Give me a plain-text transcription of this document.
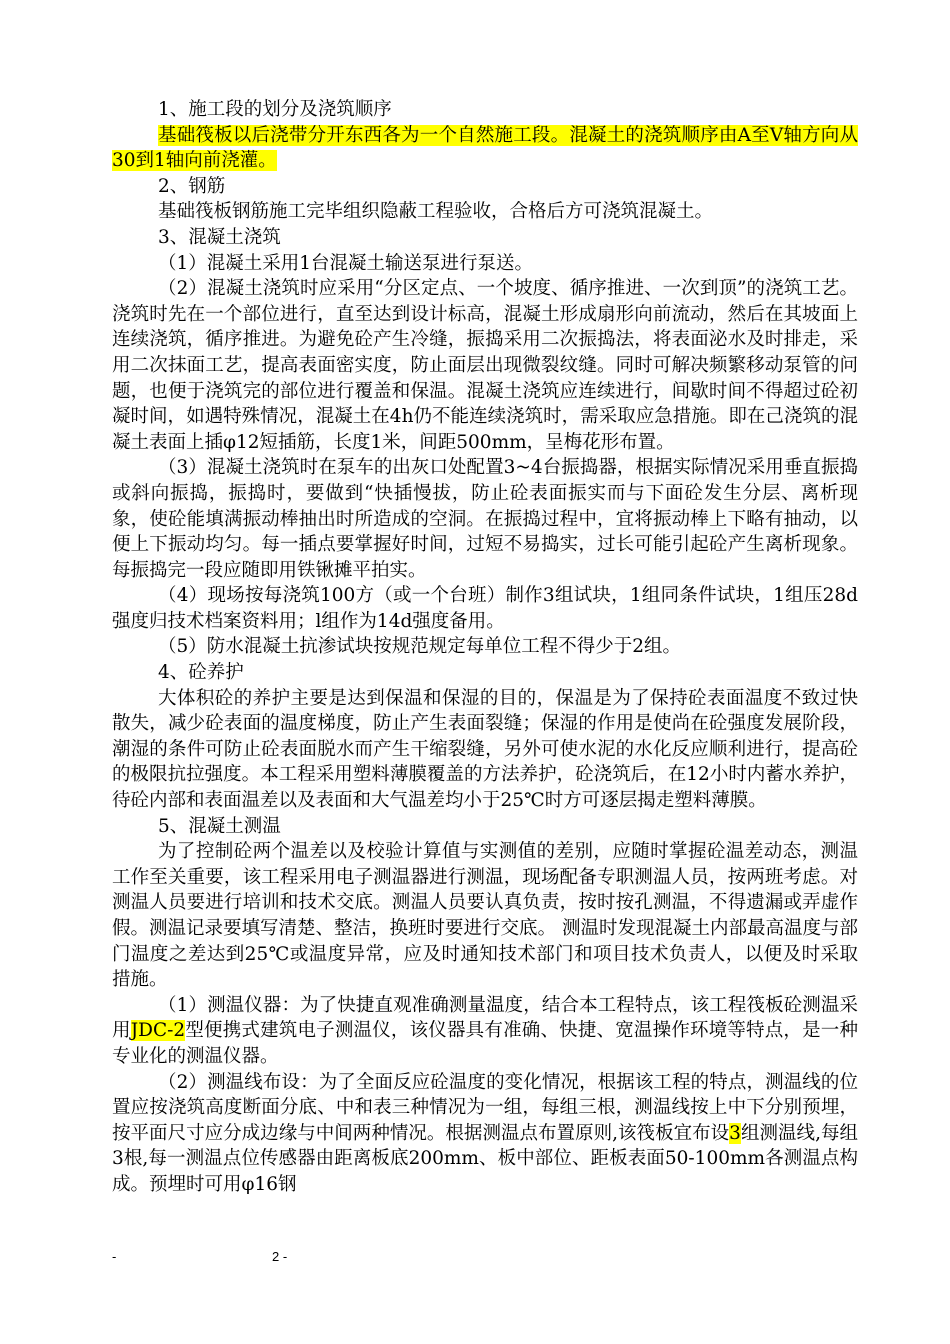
1、施工段的划分及浇筑顺序

基础筏板以后浇带分开东西各为一个自然施工段。混凝土的浇筑顺序由A至V轴方向从30到1轴向前浇灌。

2、钢筋

基础筏板钢筋施工完毕组织隐蔽工程验收，合格后方可浇筑混凝土。

3、混凝土浇筑

（1）混凝土采用1台混凝土输送泵进行泵送。

（2）混凝土浇筑时应采用“分区定点、一个坡度、循序推进、一次到顶”的浇筑工艺。浇筑时先在一个部位进行，直至达到设计标高，混凝土形成扇形向前流动，然后在其坡面上连续浇筑，循序推进。为避免砼产生冷缝，振捣采用二次振捣法，将表面泌水及时排走，采用二次抹面工艺，提高表面密实度，防止面层出现微裂纹缝。同时可解决频繁移动泵管的问题，也便于浇筑完的部位进行覆盖和保温。混凝土浇筑应连续进行，间歇时间不得超过砼初凝时间，如遇特殊情况，混凝土在4h仍不能连续浇筑时，需采取应急措施。即在己浇筑的混凝土表面上插φ12短插筋，长度1米，间距500mm，呈梅花形布置。

（3）混凝土浇筑时在泵车的出灰口处配置3~4台振捣器，根据实际情况采用垂直振捣或斜向振捣，振捣时，要做到“快插慢拔，防止砼表面振实而与下面砼发生分层、离析现象，使砼能填满振动棒抽出时所造成的空洞。在振捣过程中，宜将振动棒上下略有抽动，以便上下振动均匀。每一插点要掌握好时间，过短不易捣实，过长可能引起砼产生离析现象。每振捣完一段应随即用铁锹摊平拍实。

（4）现场按每浇筑100方（或一个台班）制作3组试块，1组同条件试块，1组压28d强度归技术档案资料用；l组作为14d强度备用。

（5）防水混凝土抗渗试块按规范规定每单位工程不得少于2组。

4、砼养护

大体积砼的养护主要是达到保温和保湿的目的，保温是为了保持砼表面温度不致过快散失，减少砼表面的温度梯度，防止产生表面裂缝；保湿的作用是使尚在砼强度发展阶段，潮湿的条件可防止砼表面脱水而产生干缩裂缝，另外可使水泥的水化反应顺利进行，提高砼的极限抗拉强度。本工程采用塑料薄膜覆盖的方法养护，砼浇筑后，在12小时内蓄水养护，待砼内部和表面温差以及表面和大气温差均小于25℃时方可逐层揭走塑料薄膜。

5、混凝土测温

为了控制砼两个温差以及校验计算值与实测值的差别，应随时掌握砼温差动态，测温工作至关重要，该工程采用电子测温器进行测温，现场配备专职测温人员，按两班考虑。对测温人员要进行培训和技术交底。测温人员要认真负责，按时按孔测温，不得遗漏或弄虚作假。测温记录要填写清楚、整洁，换班时要进行交底。 测温时发现混凝土内部最高温度与部门温度之差达到25℃或温度异常，应及时通知技术部门和项目技术负责人，以便及时采取措施。

（1）测温仪器：为了快捷直观准确测量温度，结合本工程特点，该工程筏板砼测温采用JDC-2型便携式建筑电子测温仪，该仪器具有准确、快捷、宽温操作环境等特点，是一种专业化的测温仪器。

（2）测温线布设：为了全面反应砼温度的变化情况，根据该工程的特点，测温线的位置应按浇筑高度断面分底、中和表三种情况为一组，每组三根，测温线按上中下分别预埋，按平面尺寸应分成边缘与中间两种情况。根据测温点布置原则,该筏板宜布设3组测温线,每组3根,每一测温点位传感器由距离板底200mm、板中部位、距板表面50-100mm各测温点构成。预埋时可用φ16钢

-	2 -
